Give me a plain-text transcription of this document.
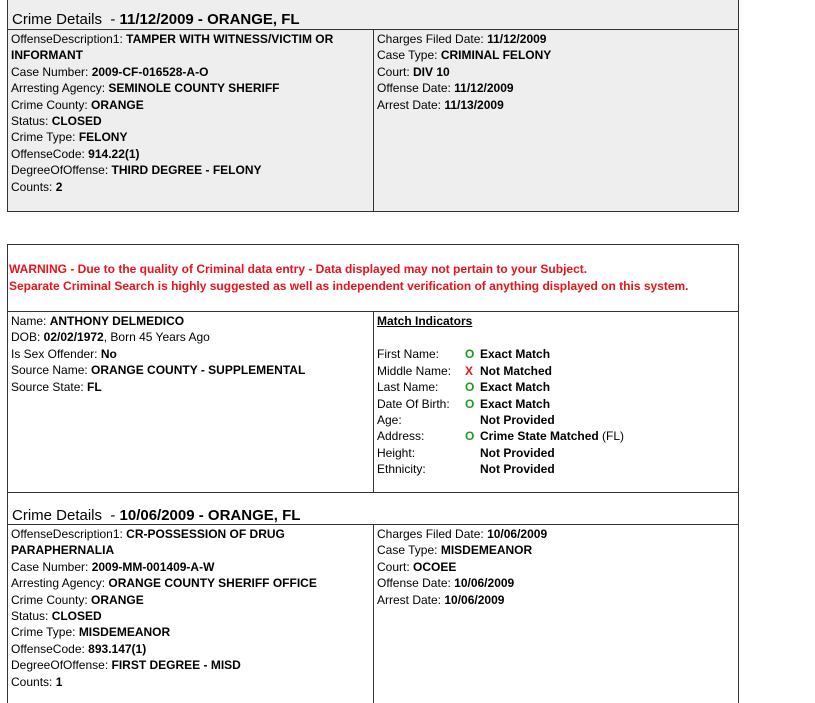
Crime Details  - 11/12/2009 - ORANGE, FL
OffenseDescription1: TAMPER WITH WITNESS/VICTIM OR
INFORMANT
Case Number: 2009-CF-016528-A-O
Arresting Agency: SEMINOLE COUNTY SHERIFF
Crime County: ORANGE
Status: CLOSED
Crime Type: FELONY
OffenseCode: 914.22(1)
DegreeOfOffense: THIRD DEGREE - FELONY
Counts: 2
Charges Filed Date: 11/12/2009
Case Type: CRIMINAL FELONY
Court: DIV 10
Offense Date: 11/12/2009
Arrest Date: 11/13/2009
WARNING - Due to the quality of Criminal data entry - Data displayed may not pertain to your Subject.
Separate Criminal Search is highly suggested as well as independent verification of anything displayed on this system.
Name: ANTHONY DELMEDICO
DOB: 02/02/1972, Born 45 Years Ago
Is Sex Offender: No
Source Name: ORANGE COUNTY - SUPPLEMENTAL
Source State: FL
Match Indicators
First Name:	O Exact Match
Middle Name:	X Not Matched
Last Name:	O Exact Match
Date Of Birth:	O Exact Match
Age:	Not Provided
Address:	O Crime State Matched (FL)
Height:	Not Provided
Ethnicity:	Not Provided
Crime Details  - 10/06/2009 - ORANGE, FL
OffenseDescription1: CR-POSSESSION OF DRUG
PARAPHERNALIA
Case Number: 2009-MM-001409-A-W
Arresting Agency: ORANGE COUNTY SHERIFF OFFICE
Crime County: ORANGE
Status: CLOSED
Crime Type: MISDEMEANOR
OffenseCode: 893.147(1)
DegreeOfOffense: FIRST DEGREE - MISD
Counts: 1
Charges Filed Date: 10/06/2009
Case Type: MISDEMEANOR
Court: OCOEE
Offense Date: 10/06/2009
Arrest Date: 10/06/2009
